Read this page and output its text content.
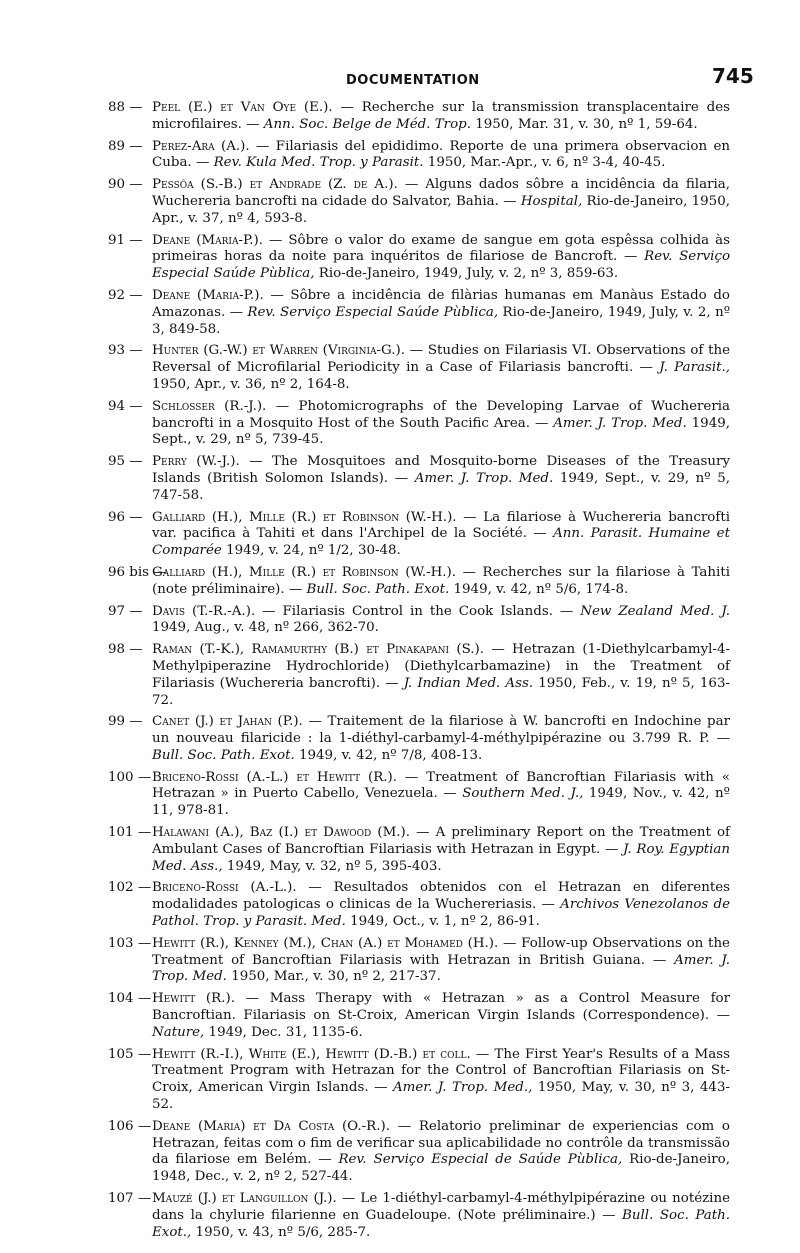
DOCUMENTATION	745
88 — Peel (E.) et Van Oye (E.). — Recherche sur la transmission transplacentaire des microfilaires. — Ann. Soc. Belge de Méd. Trop. 1950, Mar. 31, v. 30, nº 1, 59-64.
89 — Perez-Ara (A.). — Filariasis del epididimo. Reporte de una primera observacion en Cuba. — Rev. Kula Med. Trop. y Parasit. 1950, Mar.-Apr., v. 6, nº 3-4, 40-45.
90 — Pessôa (S.-B.) et Andrade (Z. de A.). — Alguns dados sôbre a incidência da filaria, Wuchereria bancrofti na cidade do Salvator, Bahia. — Hospital, Rio-de-Janeiro, 1950, Apr., v. 37, nº 4, 593-8.
91 — Deane (Maria-P.). — Sôbre o valor do exame de sangue em gota espêssa colhida às primeiras horas da noite para inquéritos de filariose de Bancroft. — Rev. Serviço Especial Saúde Pùblica, Rio-de-Janeiro, 1949, July, v. 2, nº 3, 859-63.
92 — Deane (Maria-P.). — Sôbre a incidência de filàrias humanas em Manàus Estado do Amazonas. — Rev. Serviço Especial Saúde Pùblica, Rio-de-Janeiro, 1949, July, v. 2, nº 3, 849-58.
93 — Hunter (G.-W.) et Warren (Virginia-G.). — Studies on Filariasis VI. Observations of the Reversal of Microfilarial Periodicity in a Case of Filariasis bancrofti. — J. Parasit., 1950, Apr., v. 36, nº 2, 164-8.
94 — Schlosser (R.-J.). — Photomicrographs of the Developing Larvae of Wuchereria bancrofti in a Mosquito Host of the South Pacific Area. — Amer. J. Trop. Med. 1949, Sept., v. 29, nº 5, 739-45.
95 — Perry (W.-J.). — The Mosquitoes and Mosquito-borne Diseases of the Treasury Islands (British Solomon Islands). — Amer. J. Trop. Med. 1949, Sept., v. 29, nº 5, 747-58.
96 — Galliard (H.), Mille (R.) et Robinson (W.-H.). — La filariose à Wuchereria bancrofti var. pacifica à Tahiti et dans l'Archipel de la Société. — Ann. Parasit. Humaine et Comparée 1949, v. 24, nº 1/2, 30-48.
96 bis —
Galliard (H.), Mille (R.) et Robinson (W.-H.). — Recherches sur la filariose à Tahiti (note préliminaire). — Bull. Soc. Path. Exot. 1949, v. 42, nº 5/6, 174-8.
97 — Davis (T.-R.-A.). — Filariasis Control in the Cook Islands. — New Zealand Med. J. 1949, Aug., v. 48, nº 266, 362-70.
98 — Raman (T.-K.), Ramamurthy (B.) et Pinakapani (S.). — Hetrazan (1-Diethylcarbamyl-4-Methylpiperazine Hydrochloride) (Diethylcarbamazine) in the Treatment of Filariasis (Wuchereria bancrofti). — J. Indian Med. Ass. 1950, Feb., v. 19, nº 5, 163-72.
99 — Canet (J.) et Jahan (P.). — Traitement de la filariose à W. bancrofti en Indochine par un nouveau filaricide : la 1-diéthyl-carbamyl-4-méthylpipérazine ou 3.799 R. P. — Bull. Soc. Path. Exot. 1949, v. 42, nº 7/8, 408-13.
100 — Briceno-Rossi (A.-L.) et Hewitt (R.). — Treatment of Bancroftian Filariasis with « Hetrazan » in Puerto Cabello, Venezuela. — Southern Med. J., 1949, Nov., v. 42, nº 11, 978-81.
101 — Halawani (A.), Baz (I.) et Dawood (M.). — A preliminary Report on the Treatment of Ambulant Cases of Bancroftian Filariasis with Hetrazan in Egypt. — J. Roy. Egyptian Med. Ass., 1949, May, v. 32, nº 5, 395-403.
102 — Briceno-Rossi (A.-L.). — Resultados obtenidos con el Hetrazan en diferentes modalidades patologicas o clinicas de la Wuchereriasis. — Archivos Venezolanos de Pathol. Trop. y Parasit. Med. 1949, Oct., v. 1, nº 2, 86-91.
103 — Hewitt (R.), Kenney (M.), Chan (A.) et Mohamed (H.). — Follow-up Observations on the Treatment of Bancroftian Filariasis with Hetrazan in British Guiana. — Amer. J. Trop. Med. 1950, Mar., v. 30, nº 2, 217-37.
104 — Hewitt (R.). — Mass Therapy with « Hetrazan » as a Control Measure for Bancroftian. Filariasis on St-Croix, American Virgin Islands (Correspondence). — Nature, 1949, Dec. 31, 1135-6.
105 — Hewitt (R.-I.), White (E.), Hewitt (D.-B.) et coll. — The First Year's Results of a Mass Treatment Program with Hetrazan for the Control of Bancroftian Filariasis on St-Croix, American Virgin Islands. — Amer. J. Trop. Med., 1950, May, v. 30, nº 3, 443-52.
106 — Deane (Maria) et Da Costa (O.-R.). — Relatorio preliminar de experiencias com o Hetrazan, feitas com o fim de verificar sua aplicabilidade no contrôle da transmissão da filariose em Belém. — Rev. Serviço Especial de Saúde Pùblica, Rio-de-Janeiro, 1948, Dec., v. 2, nº 2, 527-44.
107 — Mauzé (J.) et Languillon (J.). — Le 1-diéthyl-carbamyl-4-méthylpipérazine ou notézine dans la chylurie filarienne en Guadeloupe. (Note préliminaire.) — Bull. Soc. Path. Exot., 1950, v. 43, nº 5/6, 285-7.
